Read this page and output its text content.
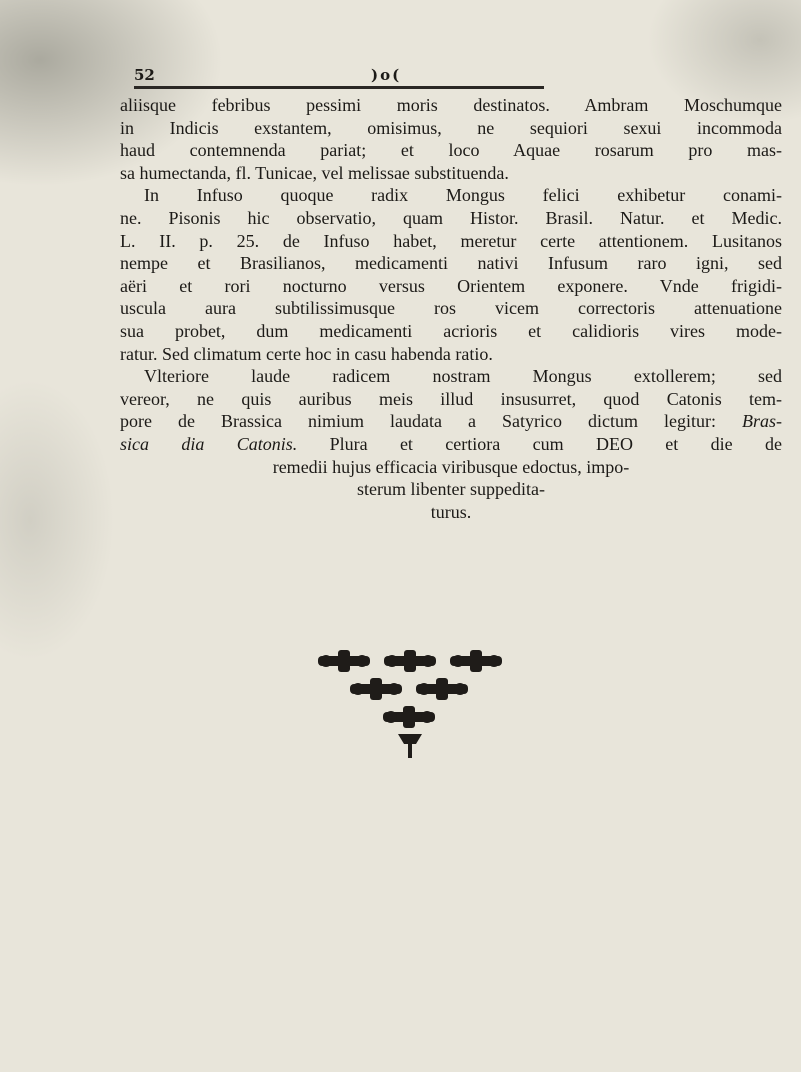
52	)o(
aliisque febribus pessimi moris destinatos. Ambram Moschumque
in Indicis exstantem, omisimus, ne sequiori sexui incommoda
haud contemnenda pariat; et loco Aquae rosarum pro mas-
sa humectanda, fl. Tunicae, vel melissae substituenda.
In Infuso quoque radix Mongus felici exhibetur conami-
ne. Pisonis hic observatio, quam Histor. Brasil. Natur. et Medic.
L. II. p. 25. de Infuso habet, meretur certe attentionem. Lusitanos
nempe et Brasilianos, medicamenti nativi Infusum raro igni, sed
aëri et rori nocturno versus Orientem exponere. Vnde frigidi-
uscula aura subtilissimusque ros vicem correctoris attenuatione
sua probet, dum medicamenti acrioris et calidioris vires mode-
ratur. Sed climatum certe hoc in casu habenda ratio.
Vlteriore laude radicem nostram Mongus extollerem; sed
vereor, ne quis auribus meis illud insusurret, quod Catonis tem-
pore de Brassica nimium laudata a Satyrico dictum legitur: Bras-
sica dia Catonis. Plura et certiora cum DEO et die de
remedii hujus efficacia viribusque edoctus, impo-
sterum libenter suppedita-
turus.
